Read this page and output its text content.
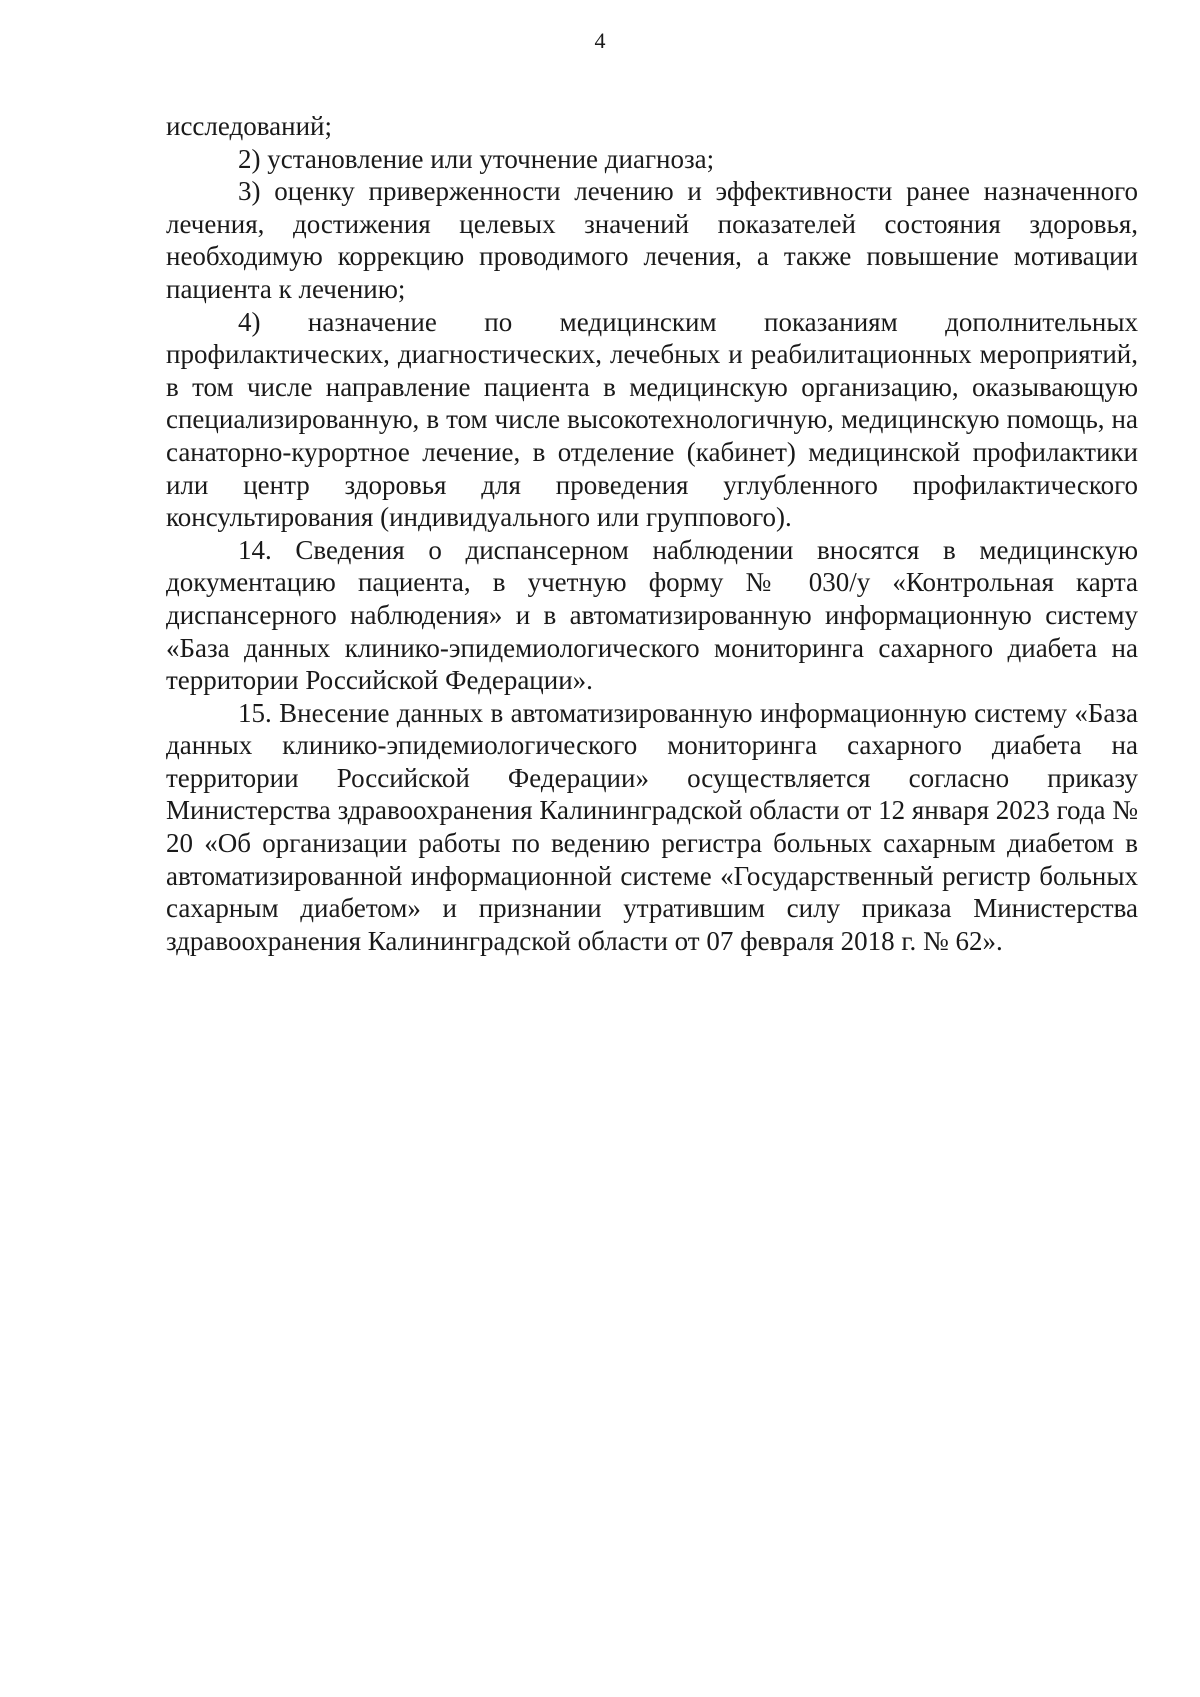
4

исследований;

2) установление или уточнение диагноза;

3) оценку приверженности лечению и эффективности ранее назначенного лечения, достижения целевых значений показателей состояния здоровья, необходимую коррекцию проводимого лечения, а также повышение мотивации пациента к лечению;

4) назначение по медицинским показаниям дополнительных профилактических, диагностических, лечебных и реабилитационных мероприятий, в том числе направление пациента в медицинскую организацию, оказывающую специализированную, в том числе высокотехнологичную, медицинскую помощь, на санаторно-курортное лечение, в отделение (кабинет) медицинской профилактики или центр здоровья для проведения углубленного профилактического консультирования (индивидуального или группового).

14. Сведения о диспансерном наблюдении вносятся в медицинскую документацию пациента, в учетную форму № 030/у «Контрольная карта диспансерного наблюдения» и в автоматизированную информационную систему «База данных клинико-эпидемиологического мониторинга сахарного диабета на территории Российской Федерации».

15. Внесение данных в автоматизированную информационную систему «База данных клинико-эпидемиологического мониторинга сахарного диабета на территории Российской Федерации» осуществляется согласно приказу Министерства здравоохранения Калининградской области от 12 января 2023 года № 20 «Об организации работы по ведению регистра больных сахарным диабетом в автоматизированной информационной системе «Государственный регистр больных сахарным диабетом» и признании утратившим силу приказа Министерства здравоохранения Калининградской области от 07 февраля 2018 г. № 62».
